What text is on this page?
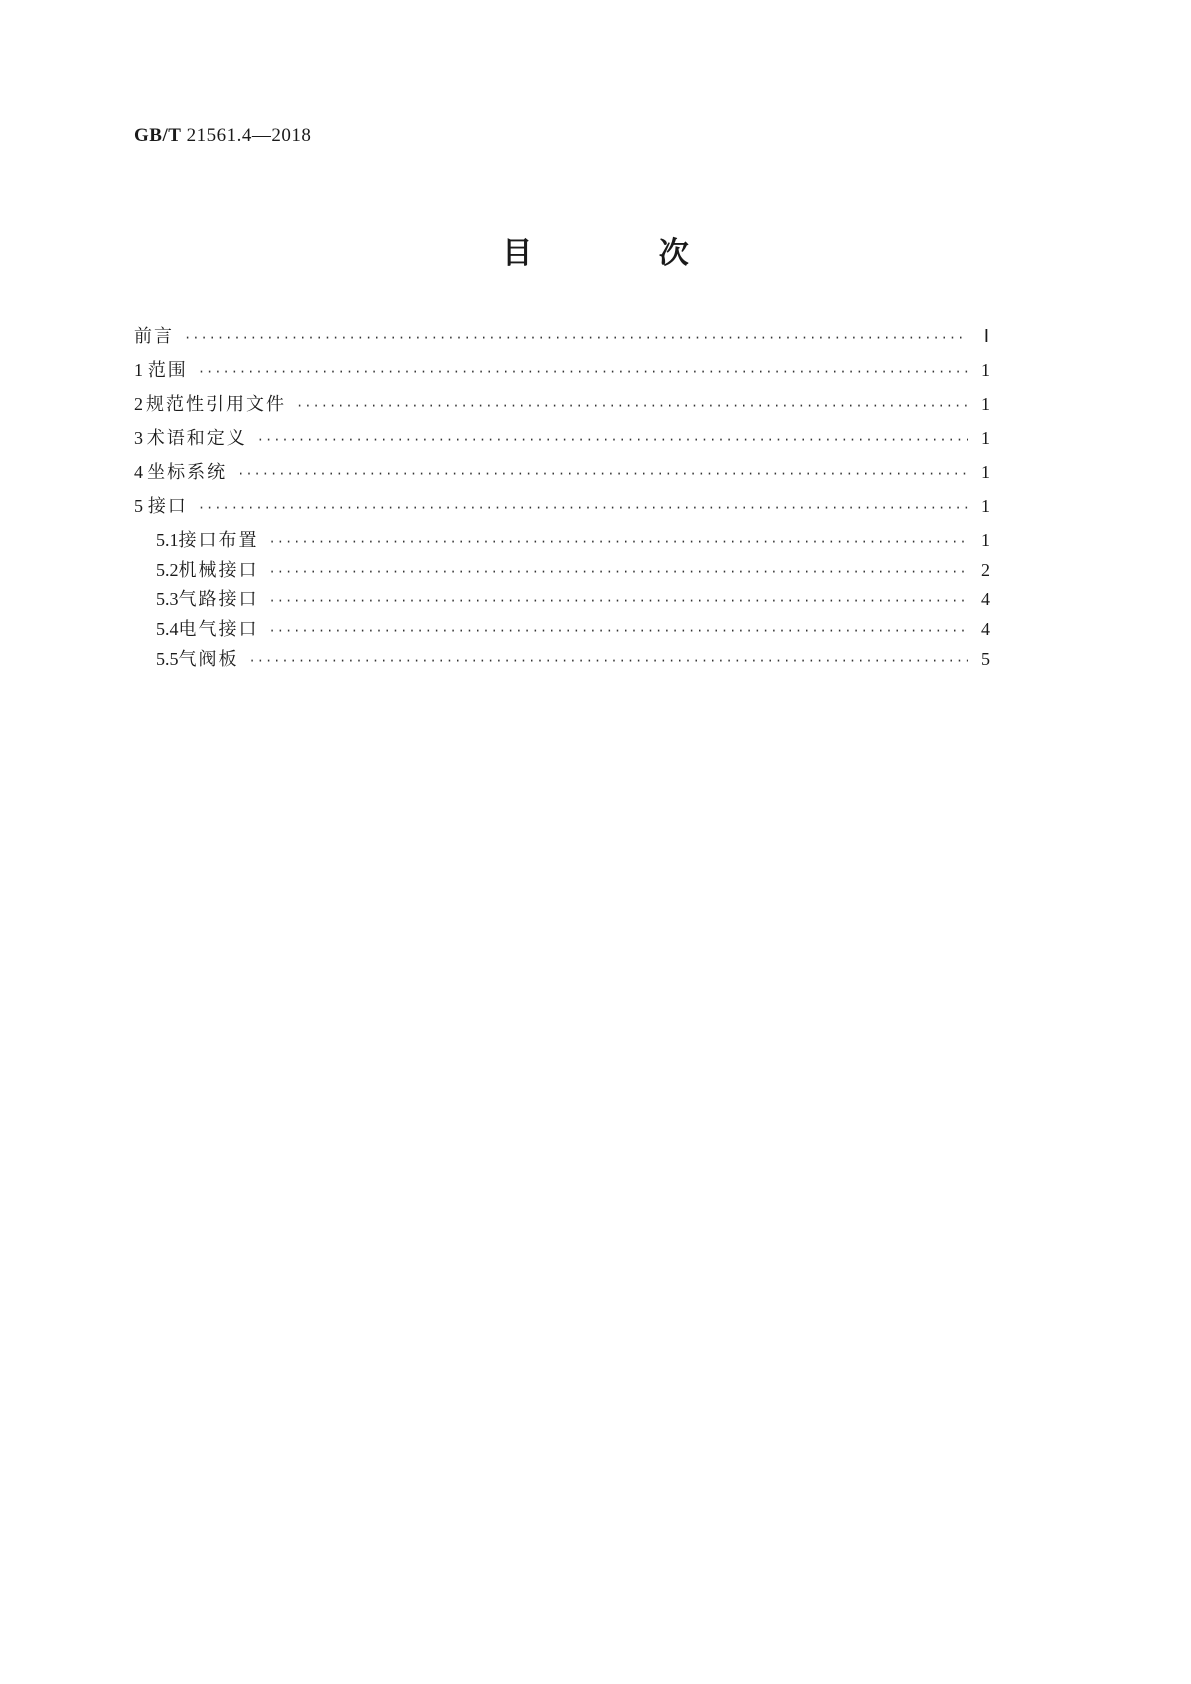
GB/T 21561.4—2018
目 次
前言 ·····	Ⅰ
1 范围 ·····	1
2 规范性引用文件 ·····	1
3 术语和定义 ·····	1
4 坐标系统 ·····	1
5 接口 ·····	1
5.1 接口布置 ·····	1
5.2 机械接口 ·····	2
5.3 气路接口 ·····	4
5.4 电气接口 ·····	4
5.5 气阀板 ·····	5
